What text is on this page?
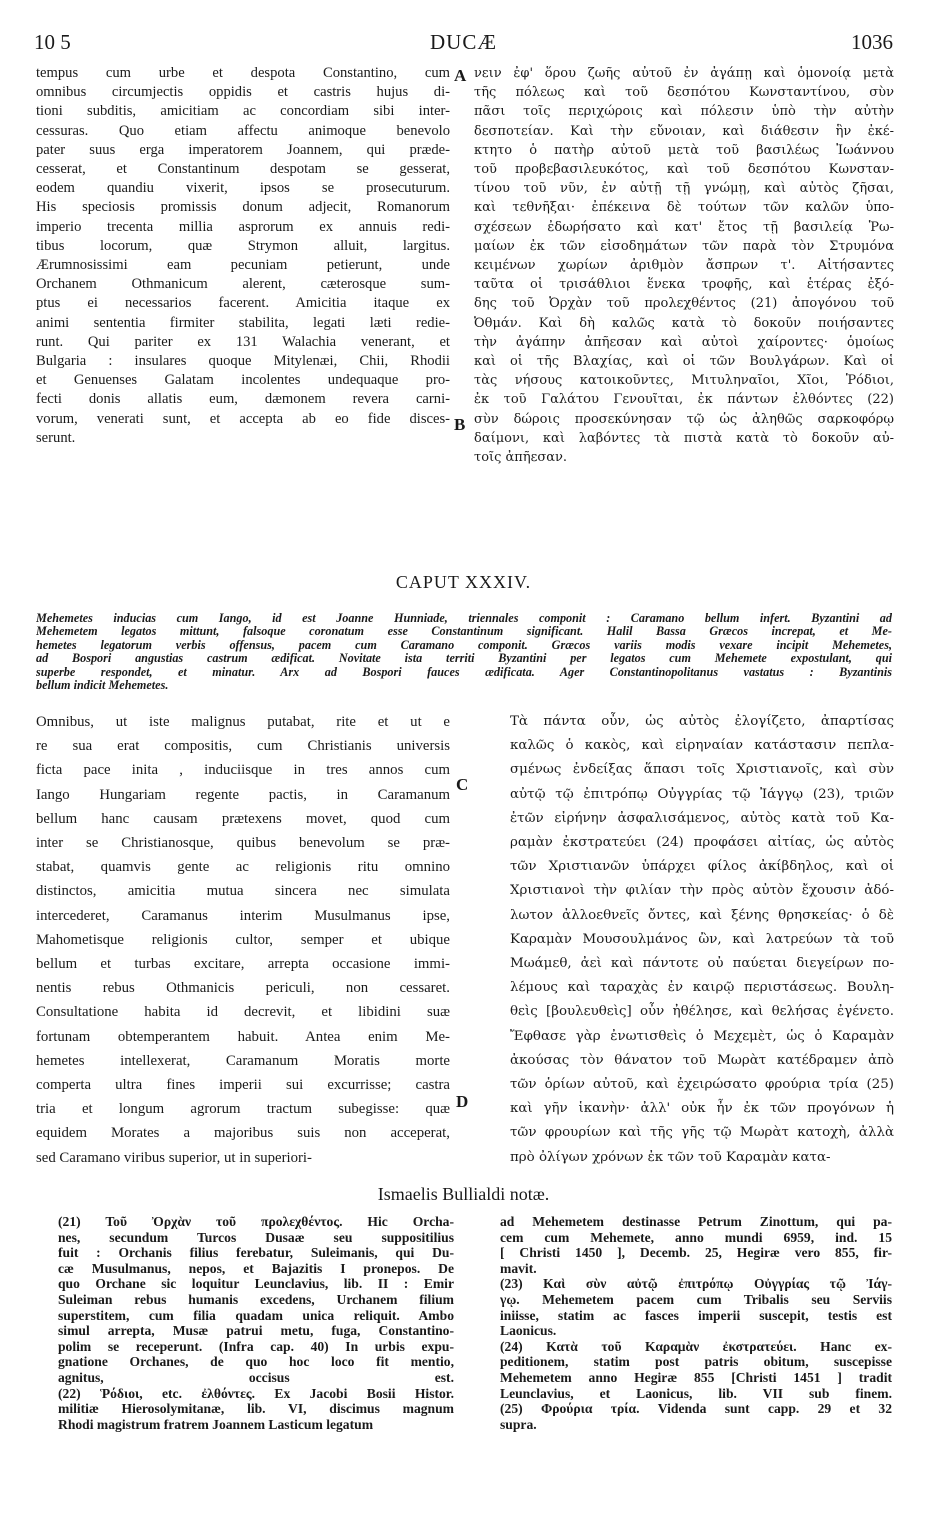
10 5	DUCÆ	1036
tempus cum urbe et despota Constantino, cum
omnibus circumjectis oppidis et castris hujus di-
tioni subditis, amicitiam ac concordiam sibi inter-
cessuras. Quo etiam affectu animoque benevolo
pater suus erga imperatorem Joannem, qui præde-
cesserat, et Constantinum despotam se gesserat,
eodem quandiu vixerit, ipsos se prosecuturum.
His speciosis promissis donum adjecit, Romanorum
imperio trecenta millia asprorum ex annuis redi-
tibus locorum, quæ Strymon alluit, largitus.
Ærumnosissimi eam pecuniam petierunt, unde
Orchanem Othmanicum alerent, cæterosque sum-
ptus ei necessarios facerent. Amicitia itaque ex
animi sententia firmiter stabilita, legati læti redie-
runt. Qui pariter ex 131 Walachia venerant, et
Bulgaria : insulares quoque Mitylenæi, Chii, Rhodii
et Genuenses Galatam incolentes undequaque pro-
fecti donis allatis eum, dæmonem revera carni-
vorum, venerati sunt, et accepta ab eo fide disces-
serunt.
A
B
νειν ἐφ' ὅρου ζωῆς αὐτοῦ ἐν ἀγάπῃ καὶ ὁμονοίᾳ μετὰ
τῆς πόλεως καὶ τοῦ δεσπότου Κωνσταντίνου, σὺν
πᾶσι τοῖς περιχώροις καὶ πόλεσιν ὑπὸ τὴν αὐτὴν
δεσποτείαν. Καὶ τὴν εὔνοιαν, καὶ διάθεσιν ἣν ἐκέ-
κτητο ὁ πατὴρ αὐτοῦ μετὰ τοῦ βασιλέως Ἰωάννου
τοῦ προβεβασιλευκότος, καὶ τοῦ δεσπότου Κωνσταν-
τίνου τοῦ νῦν, ἐν αὐτῇ τῇ γνώμῃ, καὶ αὐτὸς ζῆσαι,
καὶ τεθνῆξαι· ἐπέκεινα δὲ τούτων τῶν καλῶν ὑπο-
σχέσεων ἐδωρήσατο καὶ κατ' ἔτος τῇ βασιλείᾳ Ῥω-
μαίων ἐκ τῶν εἰσοδημάτων τῶν παρὰ τὸν Στρυμόνα
κειμένων χωρίων ἀριθμὸν ἄσπρων τ'. Αἰτήσαντες
ταῦτα οἱ τρισάθλιοι ἕνεκα τροφῆς, καὶ ἑτέρας ἐξό-
δης τοῦ Ὀρχὰν τοῦ προλεχθέντος (21) ἀπογόνου τοῦ
Ὀθμάν. Καὶ δὴ καλῶς κατὰ τὸ δοκοῦν ποιήσαντες
τὴν ἀγάπην ἀπῆεσαν καὶ αὐτοὶ χαίροντες· ὁμοίως
καὶ οἱ τῆς Βλαχίας, καὶ οἱ τῶν Βουλγάρων. Καὶ οἱ
τὰς νήσους κατοικοῦντες, Μιτυληναῖοι, Χῖοι, Ῥόδιοι,
ἐκ τοῦ Γαλάτου Γενουῖται, ἐκ πάντων ἐλθόντες (22)
σὺν δώροις προσεκύνησαν τῷ ὡς ἀληθῶς σαρκοφόρῳ
δαίμονι, καὶ λαβόντες τὰ πιστὰ κατὰ τὸ δοκοῦν αὐ-
τοῖς ἀπῆεσαν.
CAPUT XXXIV.
Mehemetes inducias cum Iango, id est Joanne Hunniade, triennales componit : Caramano bellum infert. Byzantini ad
Mehemetem legatos mittunt, falsoque coronatum esse Constantinum significant. Halil Bassa Græcos increpat, et Me-
hemetes legatorum verbis offensus, pacem cum Caramano componit. Græcos variis modis vexare incipit Mehemetes,
ad Bospori angustias castrum ædificat. Novitate ista territi Byzantini per legatos cum Mehemete expostulant, qui
superbe respondet, et minatur. Arx ad Bospori fauces ædificata. Ager Constantinopolitanus vastatus : Byzantinis
bellum indicit Mehemetes.
Omnibus, ut iste malignus putabat, rite et ut e
re sua erat compositis, cum Christianis universis
ficta pace inita , induciisque in tres annos cum
Iango Hungariam regente pactis, in Caramanum
bellum hanc causam prætexens movet, quod cum
inter se Christianosque, quibus benevolum se præ-
stabat, quamvis gente ac religionis ritu omnino
distinctos, amicitia mutua sincera nec simulata
intercederet, Caramanus interim Musulmanus ipse,
Mahometisque religionis cultor, semper et ubique
bellum et turbas excitare, arrepta occasione immi-
nentis rebus Othmanicis periculi, non cessaret.
Consultatione habita id decrevit, et libidini suæ
fortunam obtemperantem habuit. Antea enim Me-
hemetes intellexerat, Caramanum Moratis morte
comperta ultra fines imperii sui excurrisse; castra
tria et longum agrorum tractum subegisse: quæ
equidem Morates a majoribus suis non acceperat,
sed Caramano viribus superior, ut in superiori-
C
D
Τὰ πάντα οὖν, ὡς αὐτὸς ἐλογίζετο, ἀπαρτίσας
καλῶς ὁ κακὸς, καὶ εἰρηναίαν κατάστασιν πεπλα-
σμένως ἐνδείξας ἅπασι τοῖς Χριστιανοῖς, καὶ σὺν
αὐτῷ τῷ ἐπιτρόπῳ Οὐγγρίας τῷ Ἰάγγῳ (23), τριῶν
ἐτῶν εἰρήνην ἀσφαλισάμενος, αὐτὸς κατὰ τοῦ Κα-
ραμὰν ἐκστρατεύει (24) προφάσει αἰτίας, ὡς αὐτὸς
τῶν Χριστιανῶν ὑπάρχει φίλος ἀκίβδηλος, καὶ οἱ
Χριστιανοὶ τὴν φιλίαν τὴν πρὸς αὐτὸν ἔχουσιν ἀδό-
λωτον ἀλλοεθνεῖς ὄντες, καὶ ξένης θρησκείας· ὁ δὲ
Καραμὰν Μουσουλμάνος ὢν, καὶ λατρεύων τὰ τοῦ
Μωάμεθ, ἀεὶ καὶ πάντοτε οὐ παύεται διεγείρων πο-
λέμους καὶ ταραχὰς ἐν καιρῷ περιστάσεως. Βουλη-
θεὶς [βουλευθεὶς] οὖν ἠθέλησε, καὶ θελήσας ἐγένετο.
Ἔφθασε γὰρ ἐνωτισθεὶς ὁ Μεχεμὲτ, ὡς ὁ Καραμὰν
ἀκούσας τὸν θάνατον τοῦ Μωρὰτ κατέδραμεν ἀπὸ
τῶν ὁρίων αὐτοῦ, καὶ ἐχειρώσατο φρούρια τρία (25)
καὶ γῆν ἱκανὴν· ἀλλ' οὐκ ἦν ἐκ τῶν προγόνων ἡ
τῶν φρουρίων καὶ τῆς γῆς τῷ Μωρὰτ κατοχὴ, ἀλλὰ
πρὸ ὀλίγων χρόνων ἐκ τῶν τοῦ Καραμὰν κατα-
Ismaelis Bullialdi notæ.
(21) Τοῦ Ὀρχὰν τοῦ προλεχθέντος. Hic Orcha-
nes, secundum Turcos Dusaæ seu suppositilius
fuit : Orchanis filius ferebatur, Suleimanis, qui Du-
cæ Musulmanus, nepos, et Bajazitis I pronepos. De
quo Orchane sic loquitur Leunclavius, lib. II : Emir
Suleiman rebus humanis excedens, Urchanem filium
superstitem, cum filia quadam unica reliquit. Ambo
simul arrepta, Musæ patrui metu, fuga, Constantino-
polim se receperunt. (Infra cap. 40) In urbis expu-
gnatione Orchanes, de quo hoc loco fit mentio,
agnitus, occisus est.
(22) Ῥόδιοι, etc. ἐλθόντες. Ex Jacobi Bosii Histor.
militiæ Hierosolymitanæ, lib. VI, discimus magnum
Rhodi magistrum fratrem Joannem Lasticum legatum
ad Mehemetem destinasse Petrum Zinottum, qui pa-
cem cum Mehemete, anno mundi 6959, ind. 15
[ Christi 1450 ], Decemb. 25, Hegiræ vero 855, fir-
mavit.
(23) Καὶ σὺν αὐτῷ ἐπιτρόπῳ Οὐγγρίας τῷ Ἰάγ-
γῳ. Mehemetem pacem cum Tribalis seu Serviis
iniisse, statim ac fasces imperii suscepit, testis est
Laonicus.
(24) Κατὰ τοῦ Καραμὰν ἐκστρατεύει. Hanc ex-
peditionem, statim post patris obitum, suscepisse
Mehemetem anno Hegiræ 855 [Christi 1451 ] tradit
Leunclavius, et Laonicus, lib. VII sub finem.
(25) Φρούρια τρία. Videnda sunt capp. 29 et 32
supra.
